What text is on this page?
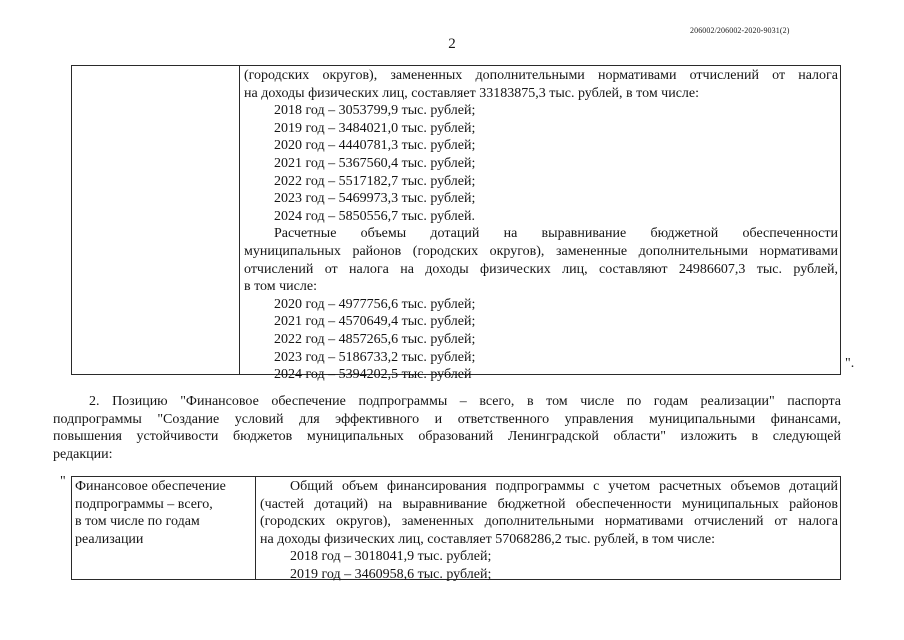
206002/206002-2020-9031(2)
2
(городских округов), замененных дополнительными нормативами отчислений от налога
на доходы физических лиц, составляет 33183875,3 тыс. рублей, в том числе:
2018 год – 3053799,9 тыс. рублей;
2019 год – 3484021,0 тыс. рублей;
2020 год – 4440781,3 тыс. рублей;
2021 год – 5367560,4 тыс. рублей;
2022 год – 5517182,7 тыс. рублей;
2023 год – 5469973,3 тыс. рублей;
2024 год – 5850556,7 тыс. рублей.
Расчетные объемы дотаций на выравнивание бюджетной обеспеченности
муниципальных районов (городских округов), замененные дополнительными нормативами
отчислений от налога на доходы физических лиц, составляют 24986607,3 тыс. рублей,
в том числе:
2020 год – 4977756,6 тыс. рублей;
2021 год – 4570649,4 тыс. рублей;
2022 год – 4857265,6 тыс. рублей;
2023 год – 5186733,2 тыс. рублей;
2024 год – 5394202,5 тыс. рублей
".
2. Позицию "Финансовое обеспечение подпрограммы – всего, в том числе по годам реализации" паспорта
подпрограммы "Создание условий для эффективного и ответственного управления муниципальными финансами,
повышения устойчивости бюджетов муниципальных образований Ленинградской области" изложить в следующей
редакции:
" Финансовое обеспечение
подпрограммы – всего,
в том числе по годам
реализации
Общий объем финансирования подпрограммы с учетом расчетных объемов дотаций
(частей дотаций) на выравнивание бюджетной обеспеченности муниципальных районов
(городских округов), замененных дополнительными нормативами отчислений от налога
на доходы физических лиц, составляет 57068286,2 тыс. рублей, в том числе:
2018 год – 3018041,9 тыс. рублей;
2019 год – 3460958,6 тыс. рублей;
